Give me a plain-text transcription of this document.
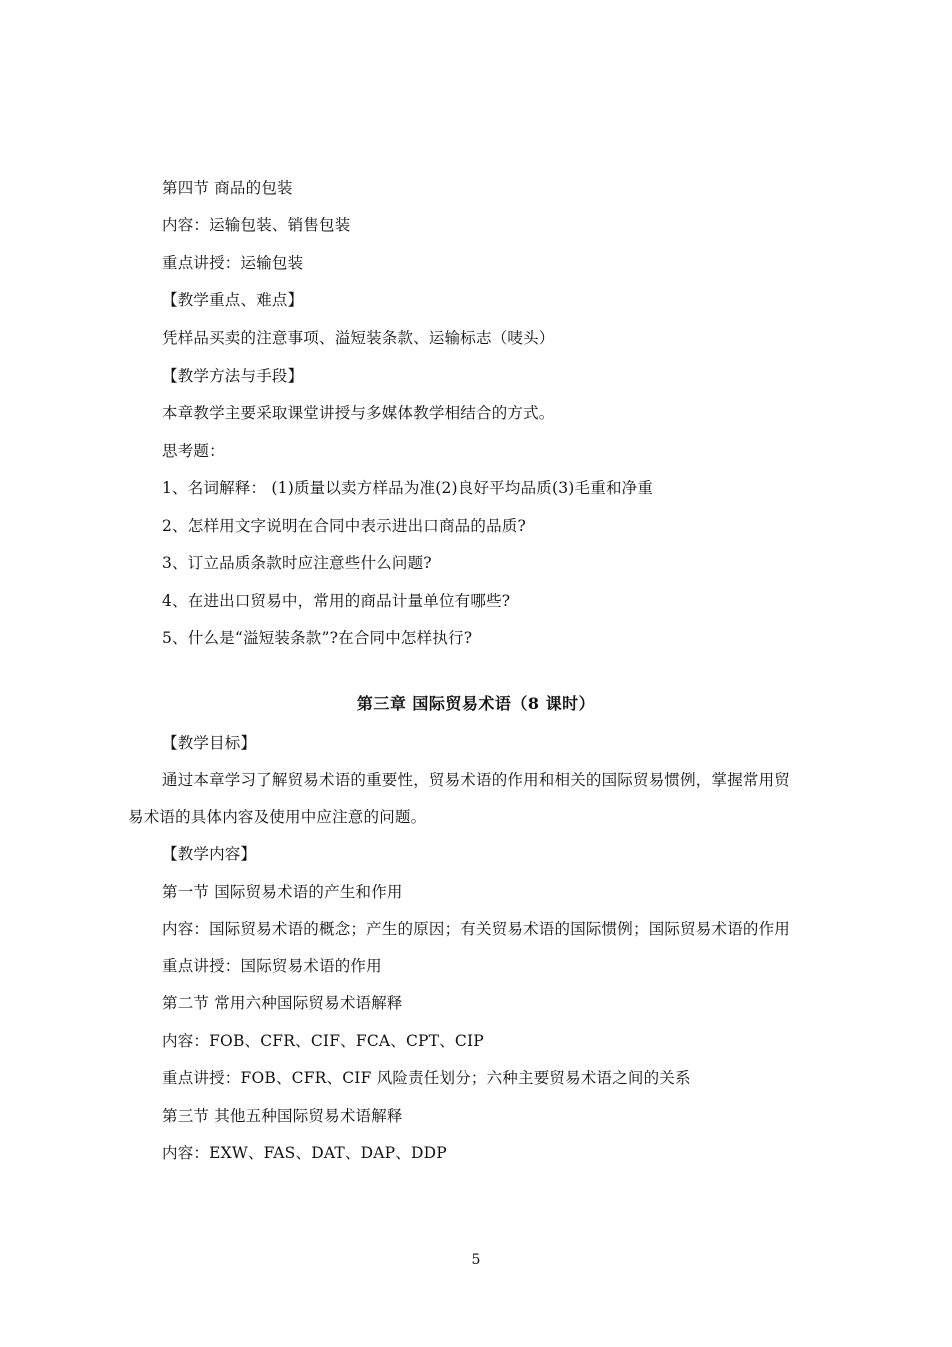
第四节 商品的包装
内容：运输包装、销售包装
重点讲授：运输包装
【教学重点、难点】
凭样品买卖的注意事项、溢短装条款、运输标志（唛头）
【教学方法与手段】
本章教学主要采取课堂讲授与多媒体教学相结合的方式。
思考题：
1、名词解释： (1)质量以卖方样品为准(2)良好平均品质(3)毛重和净重
2、怎样用文字说明在合同中表示进出口商品的品质?
3、订立品质条款时应注意些什么问题?
4、在进出口贸易中，常用的商品计量单位有哪些?
5、什么是“溢短装条款”?在合同中怎样执行?
第三章 国际贸易术语（8 课时）
【教学目标】
通过本章学习了解贸易术语的重要性，贸易术语的作用和相关的国际贸易惯例，掌握常用贸
易术语的具体内容及使用中应注意的问题。
【教学内容】
第一节 国际贸易术语的产生和作用
内容：国际贸易术语的概念；产生的原因；有关贸易术语的国际惯例；国际贸易术语的作用
重点讲授：国际贸易术语的作用
第二节 常用六种国际贸易术语解释
内容：FOB、CFR、CIF、FCA、CPT、CIP
重点讲授：FOB、CFR、CIF 风险责任划分；六种主要贸易术语之间的关系
第三节 其他五种国际贸易术语解释
内容：EXW、FAS、DAT、DAP、DDP
5
